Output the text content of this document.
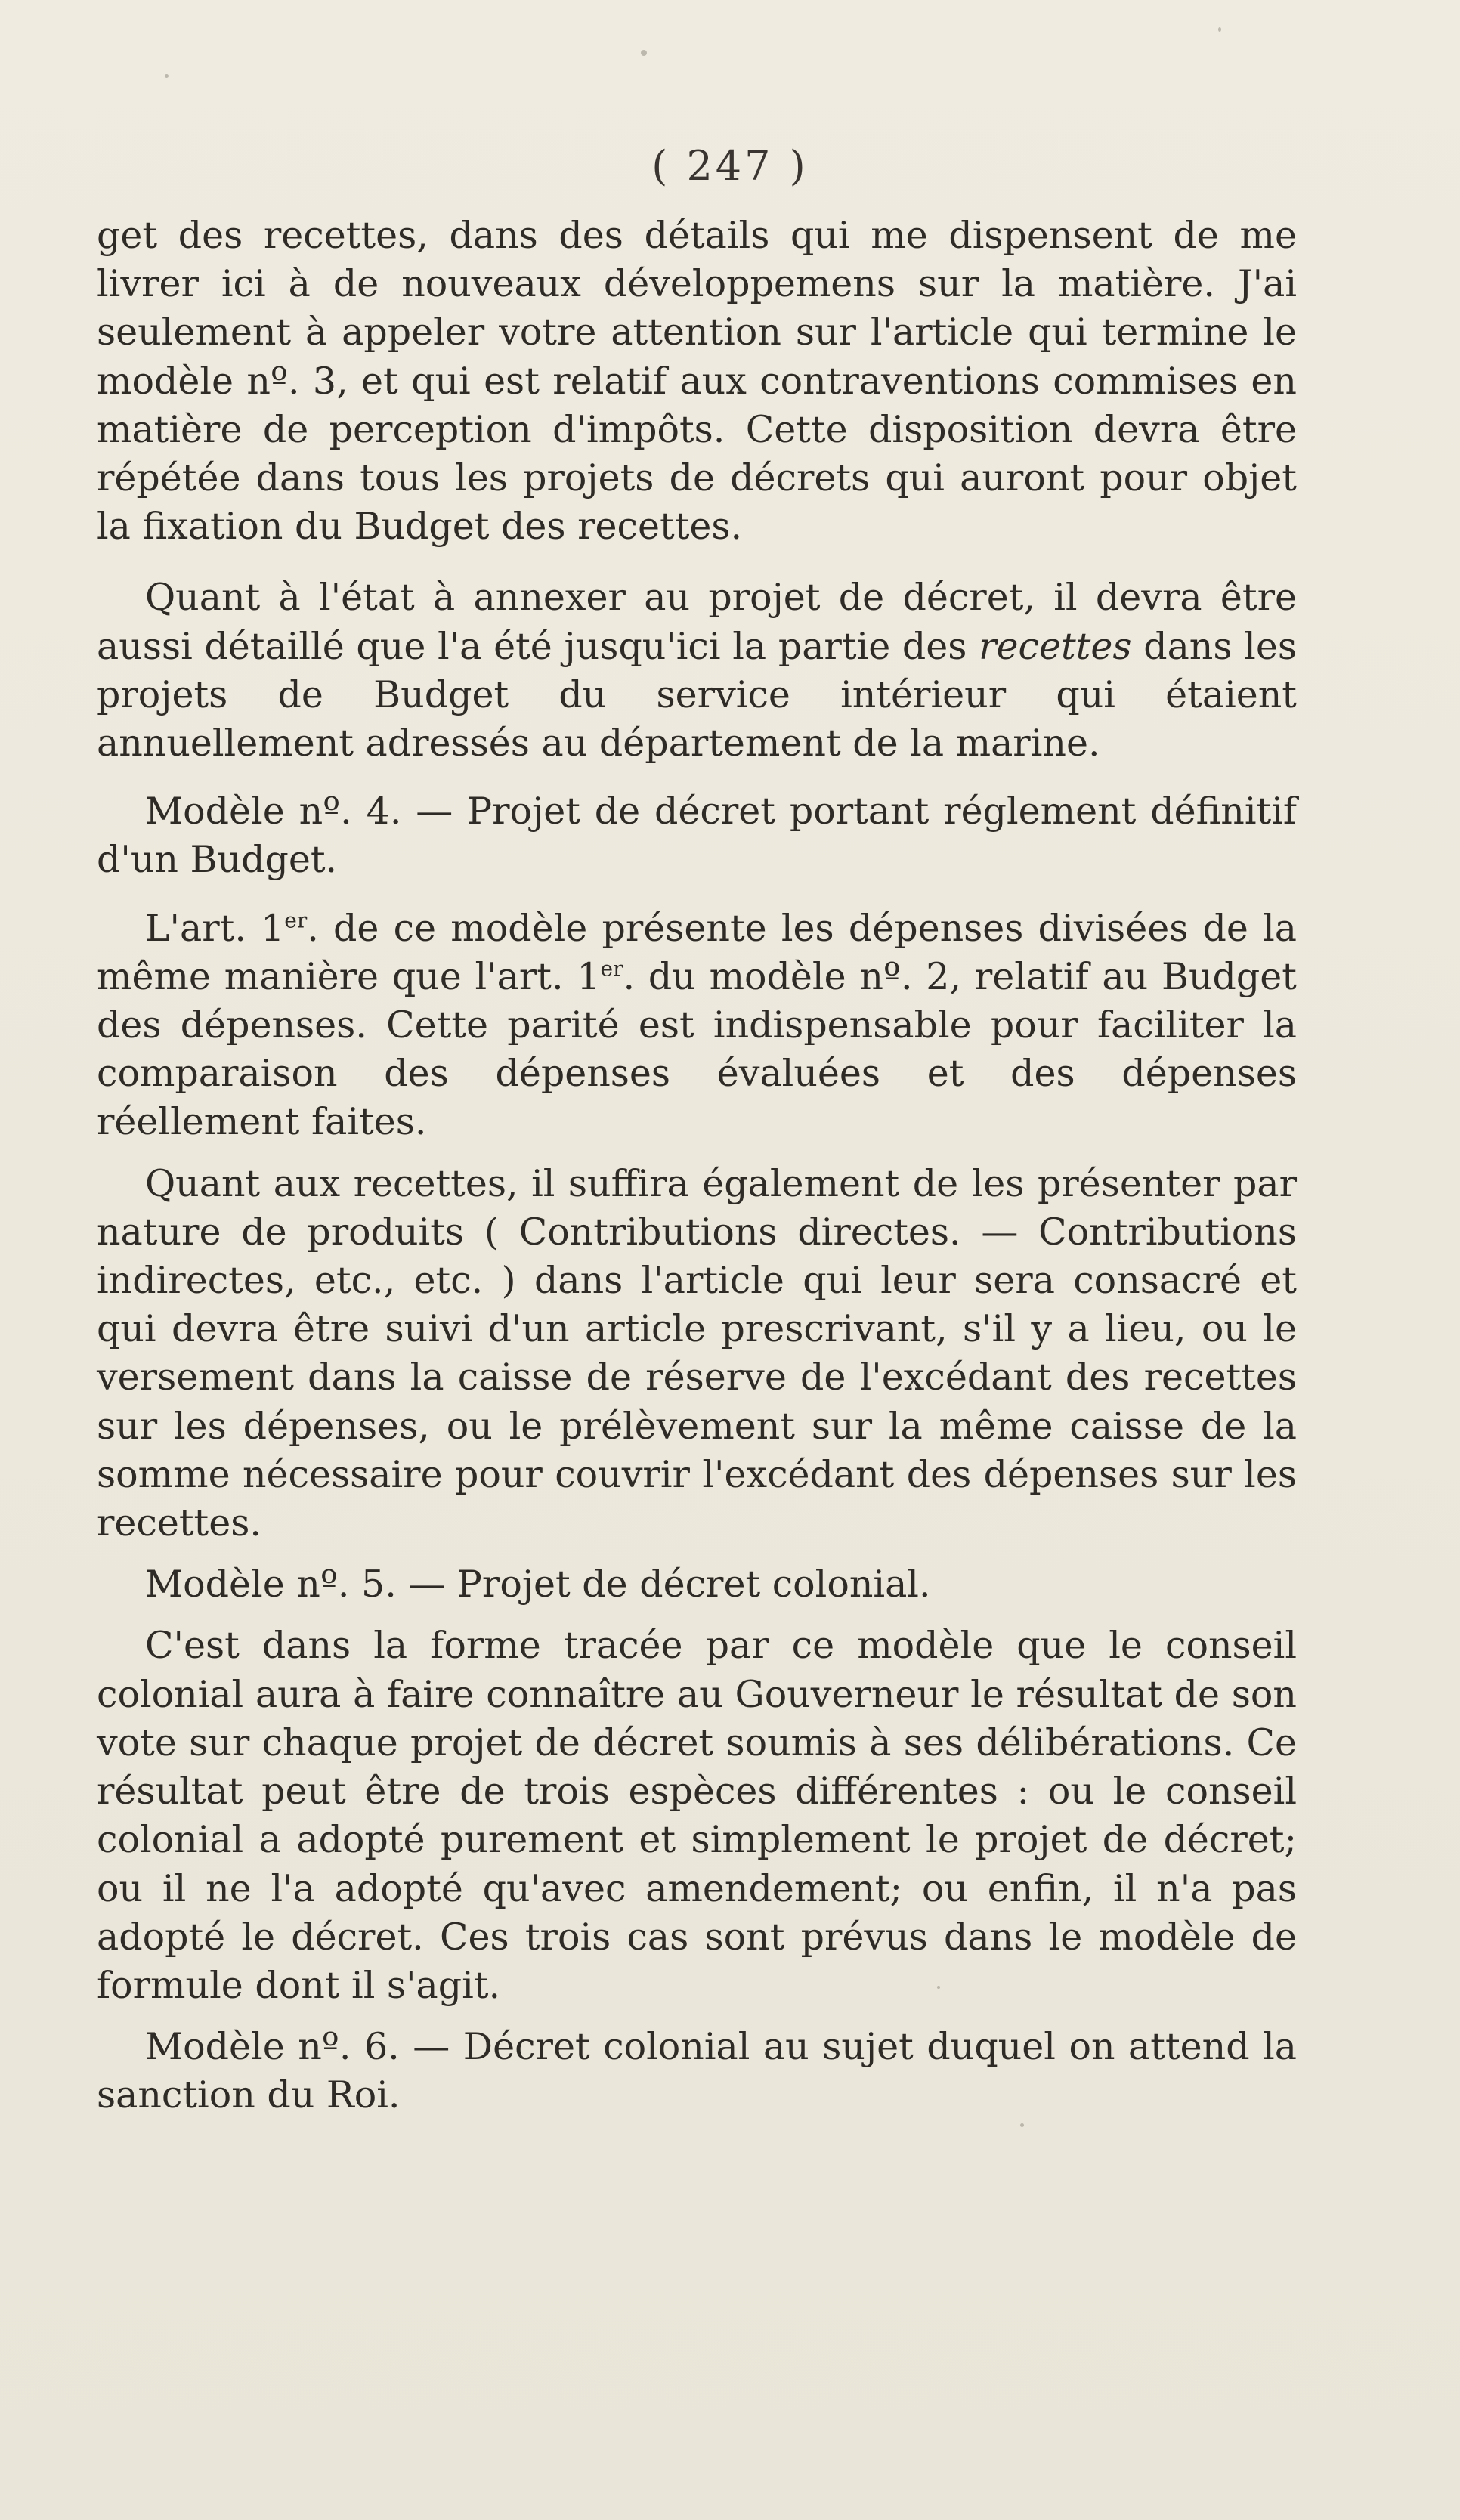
( 247 )

get des recettes, dans des détails qui me dispensent de me livrer ici à de nouveaux développemens sur la matière. J'ai seulement à appeler votre attention sur l'article qui termine le modèle nº. 3, et qui est relatif aux contraventions commises en matière de perception d'impôts. Cette disposition devra être répétée dans tous les projets de décrets qui auront pour objet la fixation du Budget des recettes.

Quant à l'état à annexer au projet de décret, il devra être aussi détaillé que l'a été jusqu'ici la partie des recettes dans les projets de Budget du service intérieur qui étaient annuellement adressés au département de la marine.

Modèle nº. 4. — Projet de décret portant réglement définitif d'un Budget.

L'art. 1er. de ce modèle présente les dépenses divisées de la même manière que l'art. 1er. du modèle nº. 2, relatif au Budget des dépenses. Cette parité est indispensable pour faciliter la comparaison des dépenses évaluées et des dépenses réellement faites.

Quant aux recettes, il suffira également de les présenter par nature de produits ( Contributions directes. — Contributions indirectes, etc., etc. ) dans l'article qui leur sera consacré et qui devra être suivi d'un article prescrivant, s'il y a lieu, ou le versement dans la caisse de réserve de l'excédant des recettes sur les dépenses, ou le prélèvement sur la même caisse de la somme nécessaire pour couvrir l'excédant des dépenses sur les recettes.

Modèle nº. 5. — Projet de décret colonial.

C'est dans la forme tracée par ce modèle que le conseil colonial aura à faire connaître au Gouverneur le résultat de son vote sur chaque projet de décret soumis à ses délibérations. Ce résultat peut être de trois espèces différentes : ou le conseil colonial a adopté purement et simplement le projet de décret; ou il ne l'a adopté qu'avec amendement; ou enfin, il n'a pas adopté le décret. Ces trois cas sont prévus dans le modèle de formule dont il s'agit.

Modèle nº. 6. — Décret colonial au sujet duquel on attend la sanction du Roi.
